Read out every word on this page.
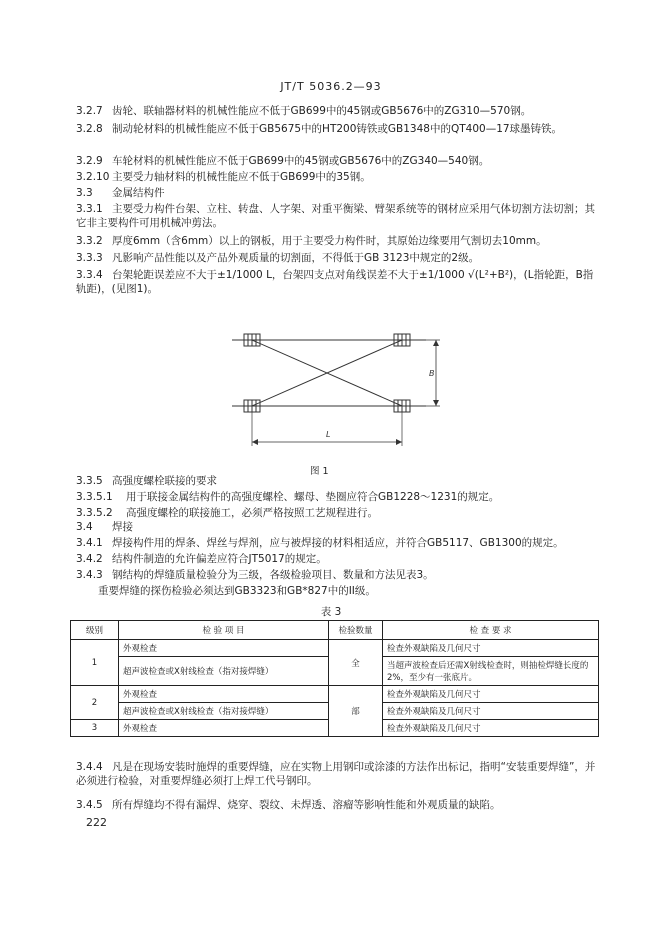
JT/T 5036.2—93
3.2.7 齿轮、联轴器材料的机械性能应不低于GB699中的45钢或GB5676中的ZG310—570钢。
3.2.8 制动轮材料的机械性能应不低于GB5675中的HT200铸铁或GB1348中的QT400—17球墨铸铁。
3.2.9 车轮材料的机械性能应不低于GB699中的45钢或GB5676中的ZG340—540钢。
3.2.10 主要受力轴材料的机械性能应不低于GB699中的35钢。
3.3 金属结构件
3.3.1 主要受力构件台架、立柱、转盘、人字架、对重平衡梁、臂架系统等的钢材应采用气体切割方法切割；其它非主要构件可用机械冲剪法。
3.3.2 厚度6mm（含6mm）以上的钢板，用于主要受力构件时，其原始边缘要用气割切去10mm。
3.3.3 凡影响产品性能以及产品外观质量的切割面，不得低于GB 3123中规定的2级。
3.3.4 台架轮距误差应不大于±1/1000 L，台架四支点对角线误差不大于±1/1000 √(L²+B²)，(L指轮距，B指轨距)，(见图1)。
B
L
图 1
3.3.5 高强度螺栓联接的要求
3.3.5.1 用于联接金属结构件的高强度螺栓、螺母、垫圈应符合GB1228～1231的规定。
3.3.5.2 高强度螺栓的联接施工，必须严格按照工艺规程进行。
3.4 焊接
3.4.1 焊接构件用的焊条、焊丝与焊剂，应与被焊接的材料相适应，并符合GB5117、GB1300的规定。
3.4.2 结构件制造的允许偏差应符合JT5017的规定。
3.4.3 钢结构的焊缝质量检验分为三级，各级检验项目、数量和方法见表3。
重要焊缝的探伤检验必须达到GB3323和GB*827中的II级。
表 3
级别	检 验 项 目	检验数量	检 查 要 求
1	外观检查	全	检查外观缺陷及几何尺寸
	超声波检查或X射线检查（指对接焊缝）		当超声波检查后还需X射线检查时，则抽检焊缝长度的2%，至少有一张底片。
2	外观检查	部	检查外观缺陷及几何尺寸
	超声波检查或X射线检查（指对接焊缝）		检查外观缺陷及几何尺寸
3	外观检查		检查外观缺陷及几何尺寸
3.4.4 凡是在现场安装时施焊的重要焊缝，应在实物上用钢印或涂漆的方法作出标记，指明“安装重要焊缝”，并必须进行检验，对重要焊缝必须打上焊工代号钢印。
3.4.5 所有焊缝均不得有漏焊、烧穿、裂纹、未焊透、溶瘤等影响性能和外观质量的缺陷。
222
